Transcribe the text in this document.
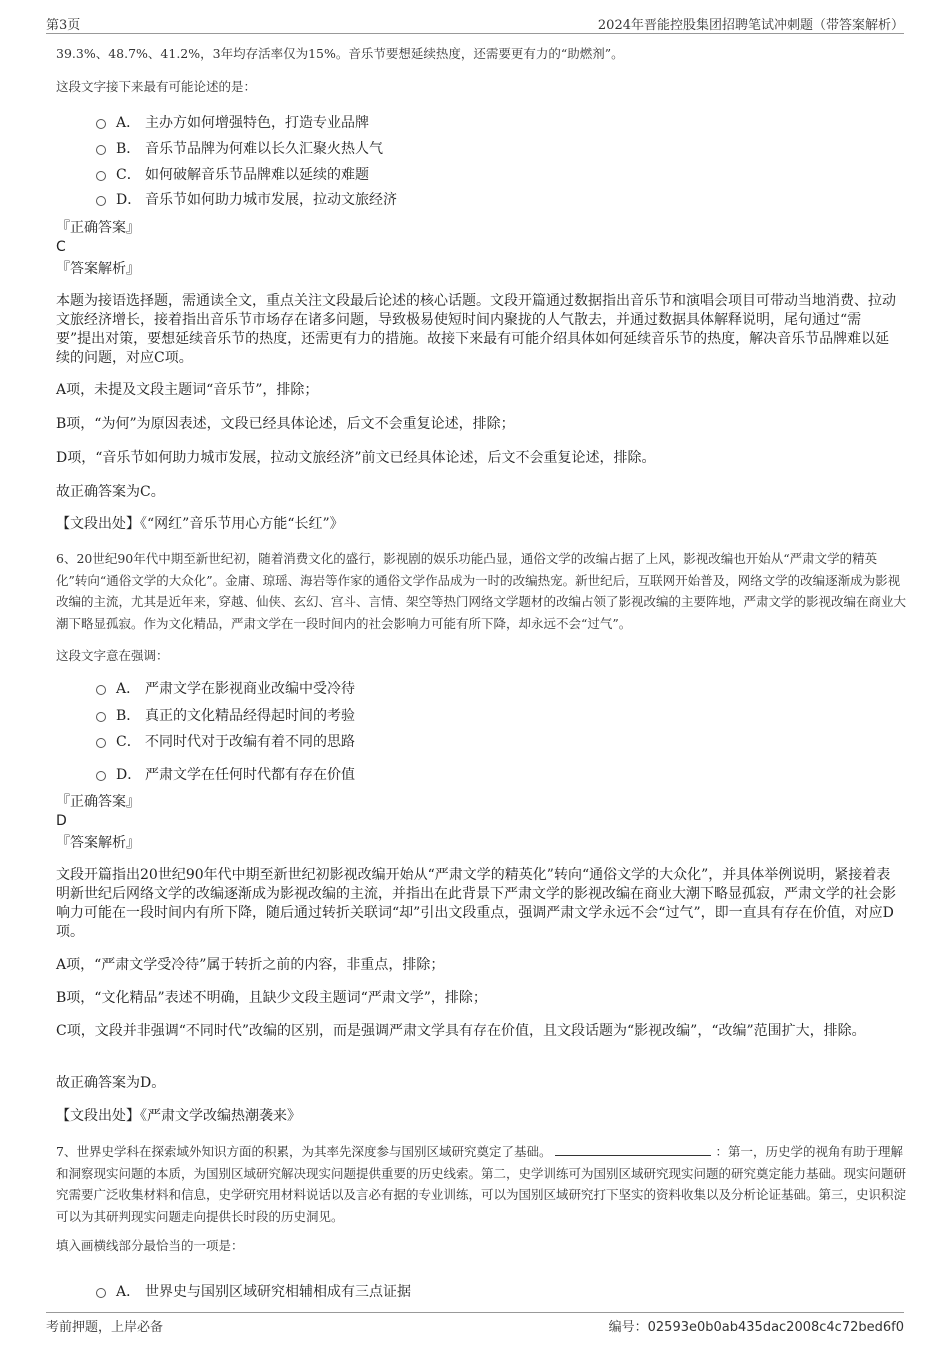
第3页	2024年晋能控股集团招聘笔试冲刺题（带答案解析）
39.3%、48.7%、41.2%，3年均存活率仅为15%。音乐节要想延续热度，还需要更有力的“助燃剂”。
这段文字接下来最有可能论述的是：
A． 主办方如何增强特色，打造专业品牌
B． 音乐节品牌为何难以长久汇聚火热人气
C． 如何破解音乐节品牌难以延续的难题
D． 音乐节如何助力城市发展，拉动文旅经济
『正确答案』
C
『答案解析』
本题为接语选择题，需通读全文，重点关注文段最后论述的核心话题。文段开篇通过数据指出音乐节和演唱会项目可带动当地消费、拉动文旅经济增长，接着指出音乐节市场存在诸多问题，导致极易使短时间内聚拢的人气散去，并通过数据具体解释说明，尾句通过“需要”提出对策，要想延续音乐节的热度，还需更有力的措施。故接下来最有可能介绍具体如何延续音乐节的热度，解决音乐节品牌难以延续的问题，对应C项。
A项，未提及文段主题词“音乐节”，排除；
B项，“为何”为原因表述，文段已经具体论述，后文不会重复论述，排除；
D项，“音乐节如何助力城市发展，拉动文旅经济”前文已经具体论述，后文不会重复论述，排除。
故正确答案为C。
【文段出处】《“网红”音乐节用心方能“长红”》
6、20世纪90年代中期至新世纪初，随着消费文化的盛行，影视剧的娱乐功能凸显，通俗文学的改编占据了上风，影视改编也开始从“严肃文学的精英化”转向“通俗文学的大众化”。金庸、琼瑶、海岩等作家的通俗文学作品成为一时的改编热宠。新世纪后，互联网开始普及，网络文学的改编逐渐成为影视改编的主流，尤其是近年来，穿越、仙侠、玄幻、宫斗、言情、架空等热门网络文学题材的改编占领了影视改编的主要阵地，严肃文学的影视改编在商业大潮下略显孤寂。作为文化精品，严肃文学在一段时间内的社会影响力可能有所下降，却永远不会“过气”。
这段文字意在强调：
A． 严肃文学在影视商业改编中受冷待
B． 真正的文化精品经得起时间的考验
C． 不同时代对于改编有着不同的思路
D． 严肃文学在任何时代都有存在价值
『正确答案』
D
『答案解析』
文段开篇指出20世纪90年代中期至新世纪初影视改编开始从“严肃文学的精英化”转向“通俗文学的大众化”，并具体举例说明，紧接着表明新世纪后网络文学的改编逐渐成为影视改编的主流，并指出在此背景下严肃文学的影视改编在商业大潮下略显孤寂，严肃文学的社会影响力可能在一段时间内有所下降，随后通过转折关联词“却”引出文段重点，强调严肃文学永远不会“过气”，即一直具有存在价值，对应D项。
A项，“严肃文学受冷待”属于转折之前的内容，非重点，排除；
B项，“文化精品”表述不明确，且缺少文段主题词“严肃文学”，排除；
C项，文段并非强调“不同时代”改编的区别，而是强调严肃文学具有存在价值，且文段话题为“影视改编”，“改编”范围扩大，排除。
故正确答案为D。
【文段出处】《严肃文学改编热潮袭来》
7、世界史学科在探索域外知识方面的积累，为其率先深度参与国别区域研究奠定了基础。	：第一，历史学的视角有助于理解和洞察现实问题的本质，为国别区域研究解决现实问题提供重要的历史线索。第二，史学训练可为国别区域研究现实问题的研究奠定能力基础。现实问题研究需要广泛收集材料和信息，史学研究用材料说话以及言必有据的专业训练，可以为国别区域研究打下坚实的资料收集以及分析论证基础。第三，史识积淀可以为其研判现实问题走向提供长时段的历史洞见。
填入画横线部分最恰当的一项是：
A． 世界史与国别区域研究相辅相成有三点证据
考前押题，上岸必备	编号：02593e0b0ab435dac2008c4c72bed6f0
